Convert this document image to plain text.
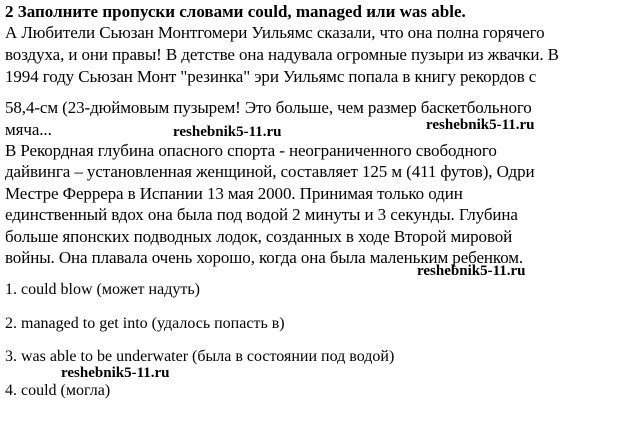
2 Заполните пропуски словами could, managed или was able.
А Любители Сьюзан Монтгомери Уильямс сказали, что она полна горячего
воздуха, и они правы! В детстве она надувала огромные пузыри из жвачки. В
1994 году Сьюзан Монт "резинка" эри Уильямс попала в книгу рекордов с
58,4-см (23-дюймовым пузырем! Это больше, чем размер баскетбольного
мяча...
В Рекордная глубина опасного спорта - неограниченного свободного
дайвинга – установленная женщиной, составляет 125 м (411 футов), Одри
Местре Феррера в Испании 13 мая 2000. Принимая только один
единственный вдох она была под водой 2 минуты и 3 секунды. Глубина
больше японских подводных лодок, созданных в ходе Второй мировой
войны. Она плавала очень хорошо, когда она была маленьким ребенком.
1. could blow (может надуть)
2. managed to get into (удалось попасть в)
3. was able to be underwater (была в состоянии под водой)
4. could (могла)
reshebnik5-11.ru	reshebnik5-11.ru
reshebnik5-11.ru
reshebnik5-11.ru
